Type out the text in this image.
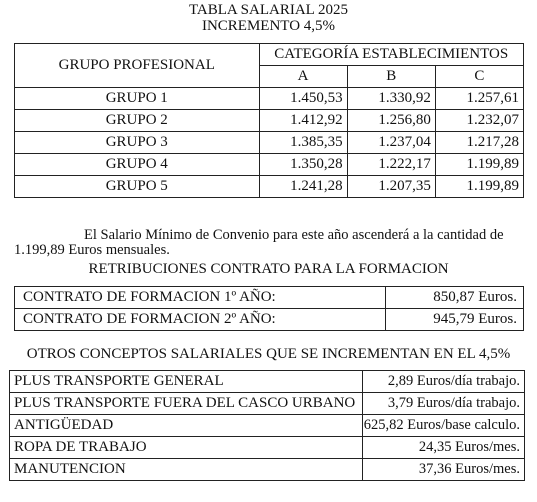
TABLA SALARIAL 2025
INCREMENTO 4,5%
GRUPO PROFESIONAL	CATEGORÍA ESTABLECIMIENTOS		
	A	B	C
GRUPO 1	1.450,53	1.330,92	1.257,61
GRUPO 2	1.412,92	1.256,80	1.232,07
GRUPO 3	1.385,35	1.237,04	1.217,28
GRUPO 4	1.350,28	1.222,17	1.199,89
GRUPO 5	1.241,28	1.207,35	1.199,89
El Salario Mínimo de Convenio para este año ascenderá a la cantidad de
1.199,89 Euros mensuales.
RETRIBUCIONES CONTRATO PARA LA FORMACION
CONTRATO DE FORMACION 1º AÑO:	850,87 Euros.
CONTRATO DE FORMACION 2º AÑO:	945,79 Euros.
OTROS CONCEPTOS SALARIALES QUE SE INCREMENTAN EN EL 4,5%
PLUS TRANSPORTE GENERAL	2,89 Euros/día trabajo.
PLUS TRANSPORTE FUERA DEL CASCO URBANO	3,79 Euros/día trabajo.
ANTIGÜEDAD	625,82 Euros/base calculo.
ROPA DE TRABAJO	24,35 Euros/mes.
MANUTENCION	37,36 Euros/mes.
